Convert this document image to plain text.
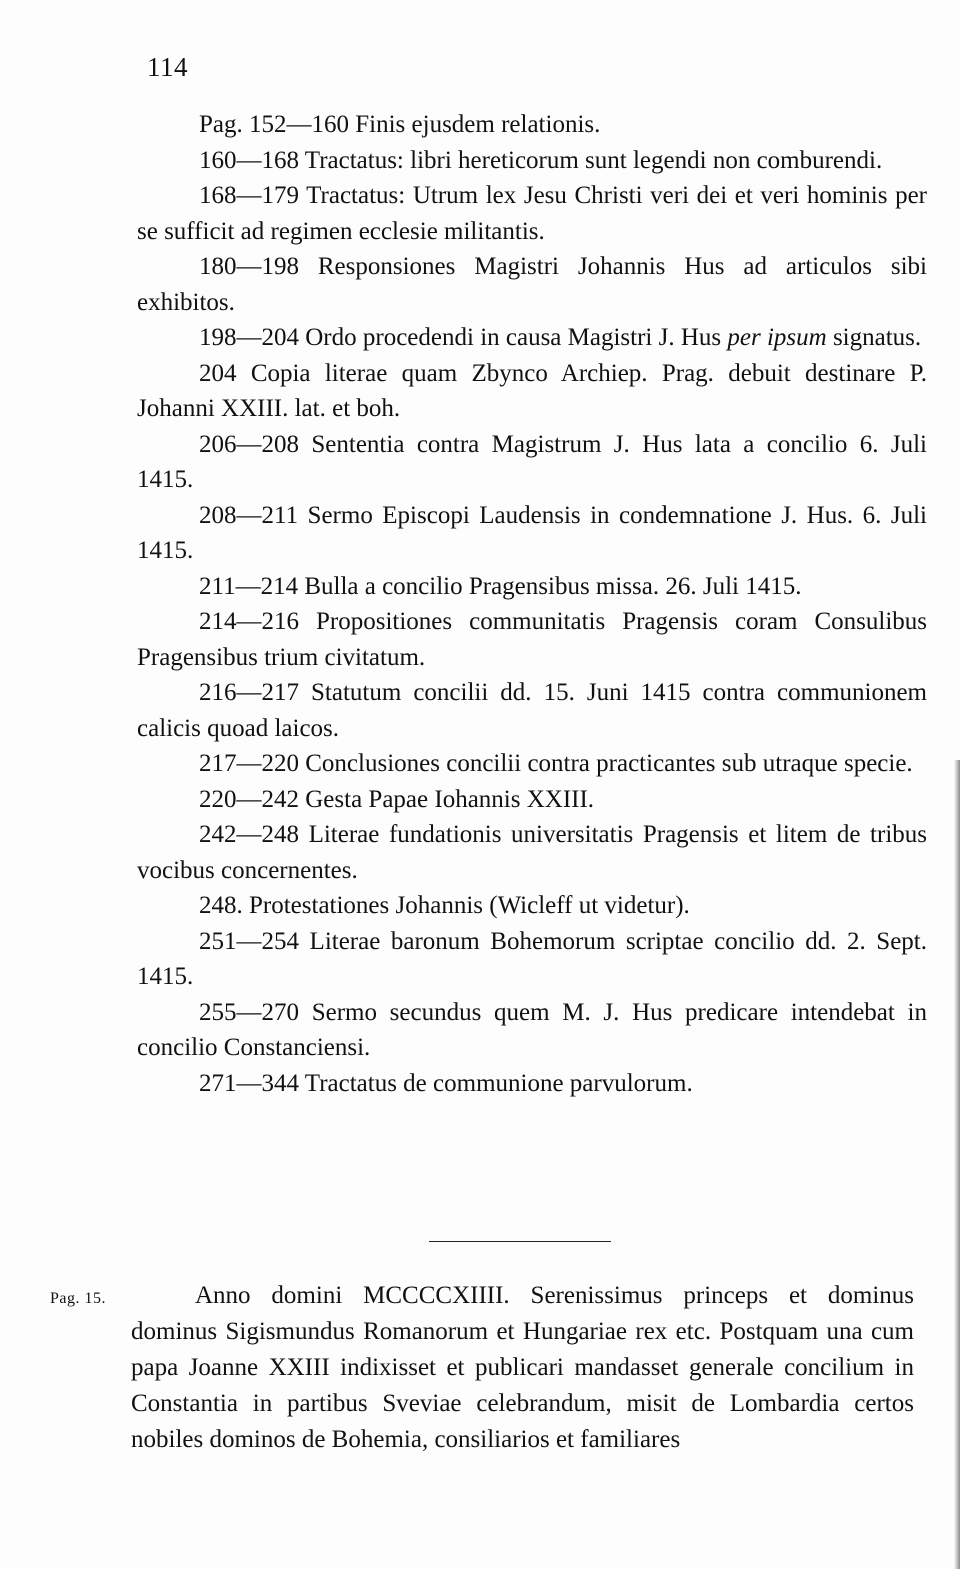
114

Pag. 152—160 Finis ejusdem relationis.

160—168 Tractatus: libri hereticorum sunt legendi non comburendi.

168—179 Tractatus: Utrum lex Jesu Christi veri dei et veri hominis per se sufficit ad regimen ecclesie militantis.

180—198 Responsiones Magistri Johannis Hus ad articulos sibi exhibitos.

198—204 Ordo procedendi in causa Magistri J. Hus per ipsum signatus.

204 Copia literae quam Zbynco Archiep. Prag. debuit destinare P. Johanni XXIII. lat. et boh.

206—208 Sententia contra Magistrum J. Hus lata a concilio 6. Juli 1415.

208—211 Sermo Episcopi Laudensis in condemnatione J. Hus. 6. Juli 1415.

211—214 Bulla a concilio Pragensibus missa. 26. Juli 1415.

214—216 Propositiones communitatis Pragensis coram Consulibus Pragensibus trium civitatum.

216—217 Statutum concilii dd. 15. Juni 1415 contra communionem calicis quoad laicos.

217—220 Conclusiones concilii contra practicantes sub utraque specie.

220—242 Gesta Papae Iohannis XXIII.

242—248 Literae fundationis universitatis Pragensis et litem de tribus vocibus concernentes.

248. Protestationes Johannis (Wicleff ut videtur).

251—254 Literae baronum Bohemorum scriptae concilio dd. 2. Sept. 1415.

255—270 Sermo secundus quem M. J. Hus predicare intendebat in concilio Constanciensi.

271—344 Tractatus de communione parvulorum.

Pag. 15.	Anno domini MCCCCXIIII. Serenissimus princeps et dominus dominus Sigismundus Romanorum et Hungariae rex etc. Postquam una cum papa Joanne XXIII indixisset et publicari mandasset generale concilium in Constantia in partibus Sveviae celebrandum, misit de Lombardia certos nobiles dominos de Bohemia, consiliarios et familiares
